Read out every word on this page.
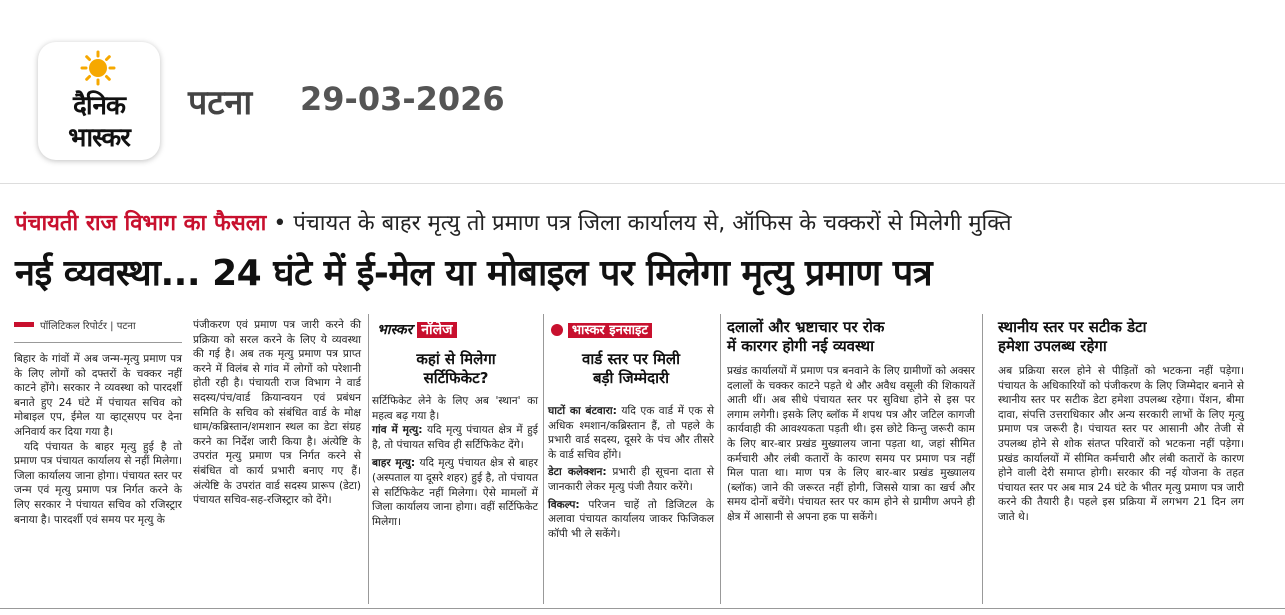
दैनिक
भास्कर
पटना 29-03-2026
पंचायती राज विभाग का फैसला • पंचायत के बाहर मृत्यु तो प्रमाण पत्र जिला कार्यालय से, ऑफिस के चक्करों से मिलेगी मुक्ति
नई व्यवस्था... 24 घंटे में ई-मेल या मोबाइल पर मिलेगा मृत्यु प्रमाण पत्र
पॉलिटिकल रिपोर्टर | पटना

बिहार के गांवों में अब जन्म-मृत्यु प्रमाण पत्र के लिए लोगों को दफ्तरों के चक्कर नहीं काटने होंगे। सरकार ने व्यवस्था को पारदर्शी बनाते हुए 24 घंटे में पंचायत सचिव को मोबाइल एप, ईमेल या व्हाट्सएप पर देना अनिवार्य कर दिया गया है।

यदि पंचायत के बाहर मृत्यु हुई है तो प्रमाण पत्र पंचायत कार्यालय से नहीं मिलेगा। जिला कार्यालय जाना होगा। पंचायत स्तर पर जन्म एवं मृत्यु प्रमाण पत्र निर्गत करने के लिए सरकार ने पंचायत सचिव को रजिस्ट्रार बनाया है। पारदर्शी एवं समय पर मृत्यु के

पंजीकरण एवं प्रमाण पत्र जारी करने की प्रक्रिया को सरल करने के लिए ये व्यवस्था की गई है। अब तक मृत्यु प्रमाण पत्र प्राप्त करने में विलंब से गांव में लोगों को परेशानी होती रही है। पंचायती राज विभाग ने वार्ड सदस्य/पंच/वार्ड क्रियान्वयन एवं प्रबंधन समिति के सचिव को संबंधित वार्ड के मोक्ष धाम/कब्रिस्तान/शमशान स्थल का डेटा संग्रह करने का निर्देश जारी किया है। अंत्येष्टि के उपरांत मृत्यु प्रमाण पत्र निर्गत करने से संबंधित वो कार्य प्रभारी बनाए गए हैं। अंत्येष्टि के उपरांत वार्ड सदस्य प्रारूप (डेटा) पंचायत सचिव-सह-रजिस्ट्रार को देंगे।

भास्कर नॉलेज
कहां से मिलेगा
सर्टिफिकेट?

सर्टिफिकेट लेने के लिए अब 'स्थान' का महत्व बढ़ गया है।

गांव में मृत्यु: यदि मृत्यु पंचायत क्षेत्र में हुई है, तो पंचायत सचिव ही सर्टिफिकेट देंगे।

बाहर मृत्यु: यदि मृत्यु पंचायत क्षेत्र से बाहर (अस्पताल या दूसरे शहर) हुई है, तो पंचायत से सर्टिफिकेट नहीं मिलेगा। ऐसे मामलों में जिला कार्यालय जाना होगा। वहीं सर्टिफिकेट मिलेगा।

भास्कर इनसाइट
वार्ड स्तर पर मिली
बड़ी जिम्मेदारी

घाटों का बंटवारा: यदि एक वार्ड में एक से अधिक श्मशान/कब्रिस्तान हैं, तो पहले के प्रभारी वार्ड सदस्य, दूसरे के पंच और तीसरे के वार्ड सचिव होंगे।

डेटा कलेक्शन: प्रभारी ही सूचना दाता से जानकारी लेकर मृत्यु पंजी तैयार करेंगे।

विकल्प: परिजन चाहें तो डिजिटल के अलावा पंचायत कार्यालय जाकर फिजिकल कॉपी भी ले सकेंगे।

दलालों और भ्रष्टाचार पर रोक
में कारगर होगी नई व्यवस्था

प्रखंड कार्यालयों में प्रमाण पत्र बनवाने के लिए ग्रामीणों को अक्सर दलालों के चक्कर काटने पड़ते थे और अवैध वसूली की शिकायतें आती थीं। अब सीधे पंचायत स्तर पर सुविधा होने से इस पर लगाम लगेगी। इसके लिए ब्लॉक में शपथ पत्र और जटिल कागजी कार्यवाही की आवश्यकता पड़ती थी। इस छोटे किन्तु जरूरी काम के लिए बार-बार प्रखंड मुख्यालय जाना पड़ता था, जहां सीमित कर्मचारी और लंबी कतारों के कारण समय पर प्रमाण पत्र नहीं मिल पाता था। माण पत्र के लिए बार-बार प्रखंड मुख्यालय (ब्लॉक) जाने की जरूरत नहीं होगी, जिससे यात्रा का खर्च और समय दोनों बचेंगे। पंचायत स्तर पर काम होने से ग्रामीण अपने ही क्षेत्र में आसानी से अपना हक पा सकेंगे।

स्थानीय स्तर पर सटीक डेटा
हमेशा उपलब्ध रहेगा

अब प्रक्रिया सरल होने से पीड़ितों को भटकना नहीं पड़ेगा। पंचायत के अधिकारियों को पंजीकरण के लिए जिम्मेदार बनाने से स्थानीय स्तर पर सटीक डेटा हमेशा उपलब्ध रहेगा। पेंशन, बीमा दावा, संपत्ति उत्तराधिकार और अन्य सरकारी लाभों के लिए मृत्यु प्रमाण पत्र जरूरी है। पंचायत स्तर पर आसानी और तेजी से उपलब्ध होने से शोक संतप्त परिवारों को भटकना नहीं पड़ेगा। प्रखंड कार्यालयों में सीमित कर्मचारी और लंबी कतारों के कारण होने वाली देरी समाप्त होगी। सरकार की नई योजना के तहत पंचायत स्तर पर अब मात्र 24 घंटे के भीतर मृत्यु प्रमाण पत्र जारी करने की तैयारी है। पहले इस प्रक्रिया में लगभग 21 दिन लग जाते थे।
